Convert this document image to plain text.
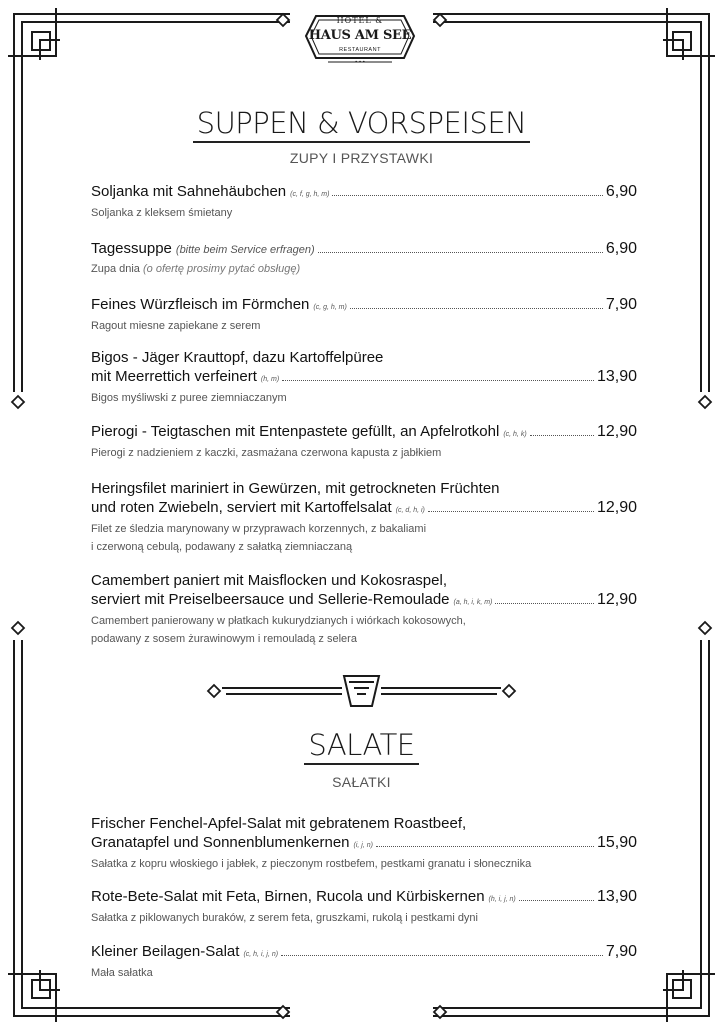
HOTEL &
HAUS AM SEE
RESTAURANT
• • •
SUPPEN & VORSPEISEN
ZUPY I PRZYSTAWKI
Soljanka mit Sahnehäubchen (c, f, g, h, m)	6,90
Soljanka z kleksem śmietany
Tagessuppe (bitte beim Service erfragen)	6,90
Zupa dnia (o ofertę prosimy pytać obsługę)
Feines Würzfleisch im Förmchen (c, g, h, m)	7,90
Ragout miesne zapiekane z serem
Bigos - Jäger Krauttopf, dazu Kartoffelpüree
mit Meerrettich verfeinert (h, m)	13,90
Bigos myśliwski z puree ziemniaczanym
Pierogi - Teigtaschen mit Entenpastete gefüllt, an Apfelrotkohl (c, h, k)	12,90
Pierogi z nadzieniem z kaczki, zasmażana czerwona kapusta z jabłkiem
Heringsfilet mariniert in Gewürzen, mit getrockneten Früchten
und roten Zwiebeln, serviert mit Kartoffelsalat (c, d, h, i)	12,90
Filet ze śledzia marynowany w przyprawach korzennych, z bakaliami
i czerwoną cebulą, podawany z sałatką ziemniaczaną
Camembert paniert mit Maisflocken und Kokosraspel,
serviert mit Preiselbeersauce und Sellerie-Remoulade (a, h, i, k, m)	12,90
Camembert panierowany w płatkach kukurydzianych i wiórkach kokosowych,
podawany z sosem żurawinowym i remouladą z selera
SALATE
SAŁATKI
Frischer Fenchel-Apfel-Salat mit gebratenem Roastbeef,
Granatapfel und Sonnenblumenkernen (i, j, n)	15,90
Sałatka z kopru włoskiego i jabłek, z pieczonym rostbefem, pestkami granatu i słonecznika
Rote-Bete-Salat mit Feta, Birnen, Rucola und Kürbiskernen (h, i, j, n)	13,90
Sałatka z piklowanych buraków, z serem feta, gruszkami, rukolą i pestkami dyni
Kleiner Beilagen-Salat (c, h, i, j, n)	7,90
Mała sałatka
